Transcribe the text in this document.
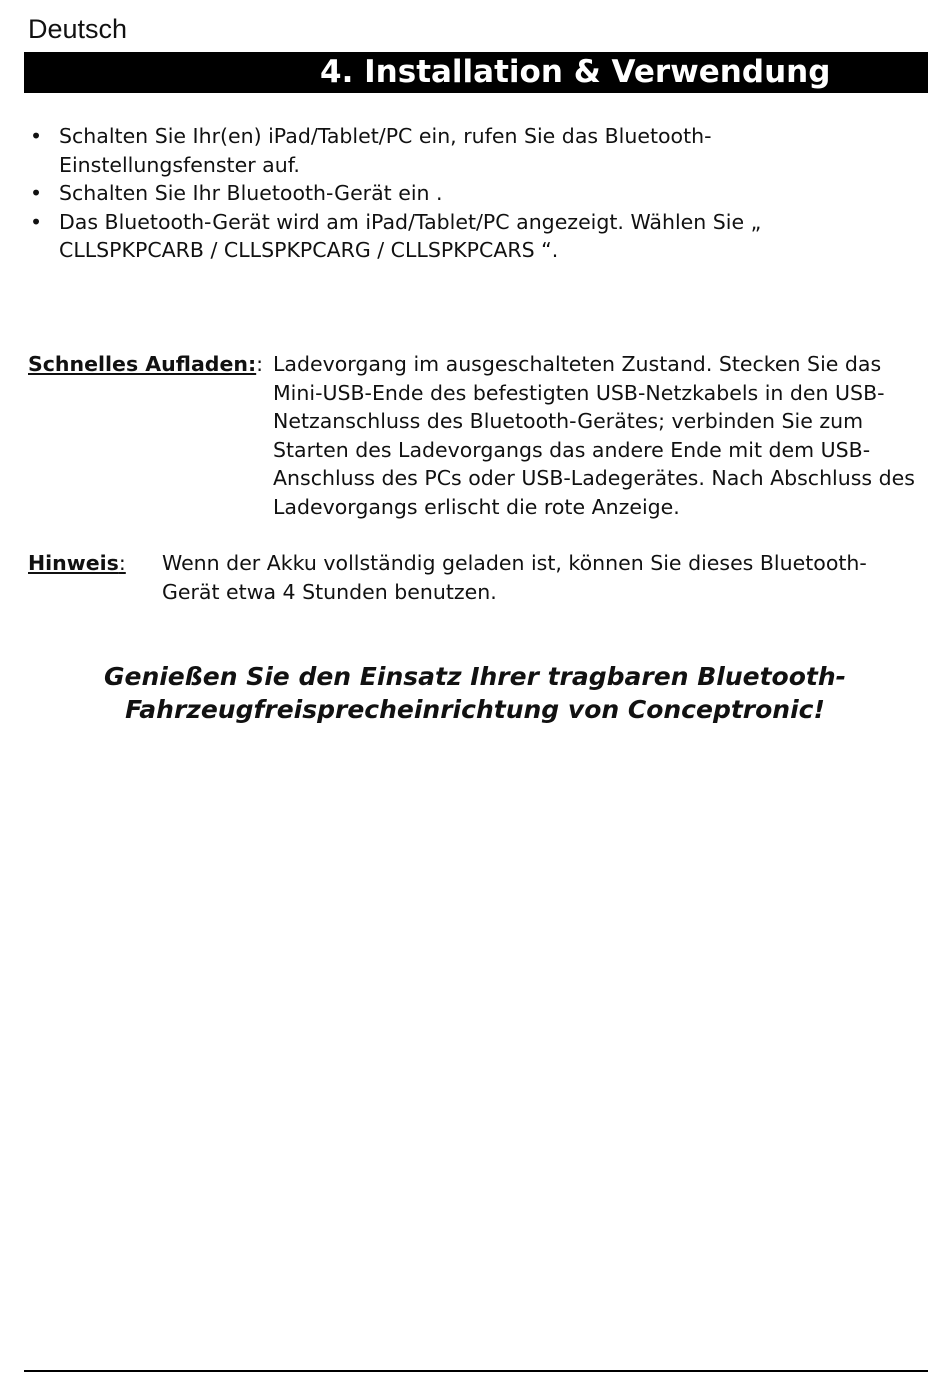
Deutsch
4. Installation & Verwendung
• Schalten Sie Ihr(en) iPad/Tablet/PC ein, rufen Sie das Bluetooth-Einstellungsfenster auf.
• Schalten Sie Ihr Bluetooth-Gerät ein .
• Das Bluetooth-Gerät wird am iPad/Tablet/PC angezeigt. Wählen Sie „ CLLSPKPCARB / CLLSPKPCARG / CLLSPKPCARS “.
Schnelles Aufladen:: Ladevorgang im ausgeschalteten Zustand. Stecken Sie das Mini-USB-Ende des befestigten USB-Netzkabels in den USB-Netzanschluss des Bluetooth-Gerätes; verbinden Sie zum Starten des Ladevorgangs das andere Ende mit dem USB-Anschluss des PCs oder USB-Ladegerätes. Nach Abschluss des Ladevorgangs erlischt die rote Anzeige.
Hinweis: Wenn der Akku vollständig geladen ist, können Sie dieses Bluetooth-Gerät etwa 4 Stunden benutzen.
Genießen Sie den Einsatz Ihrer tragbaren Bluetooth-
Fahrzeugfreisprecheinrichtung von Conceptronic!
